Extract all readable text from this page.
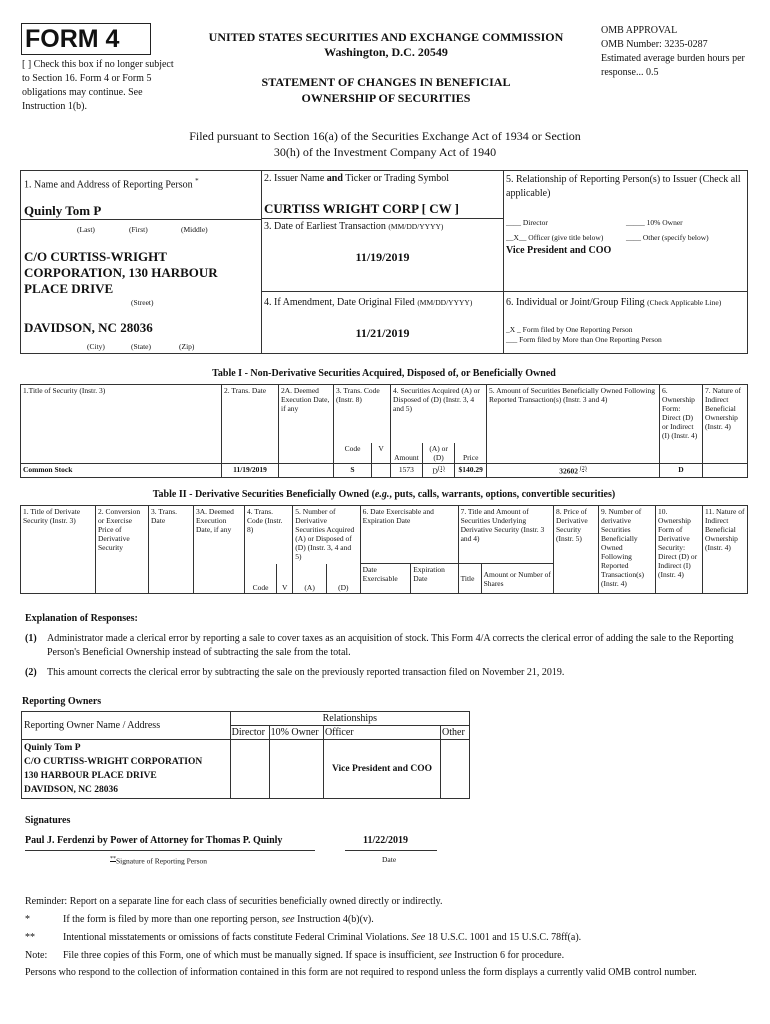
FORM 4
[ ] Check this box if no longer subject to Section 16. Form 4 or Form 5 obligations may continue. See Instruction 1(b).
UNITED STATES SECURITIES AND EXCHANGE COMMISSION
Washington, D.C. 20549
STATEMENT OF CHANGES IN BENEFICIAL OWNERSHIP OF SECURITIES
OMB APPROVAL
OMB Number: 3235-0287
Estimated average burden hours per response... 0.5
Filed pursuant to Section 16(a) of the Securities Exchange Act of 1934 or Section 30(h) of the Investment Company Act of 1940
1. Name and Address of Reporting Person *
Quinly Tom P
(Last)	(First)	(Middle)
C/O CURTISS-WRIGHT CORPORATION, 130 HARBOUR PLACE DRIVE
(Street)
DAVIDSON, NC 28036
(City)	(State)	(Zip)
2. Issuer Name and Ticker or Trading Symbol
CURTISS WRIGHT CORP [ CW ]
3. Date of Earliest Transaction (MM/DD/YYYY)
11/19/2019
4. If Amendment, Date Original Filed (MM/DD/YYYY)
11/21/2019
5. Relationship of Reporting Person(s) to Issuer (Check all applicable)
____ Director	_____ 10% Owner
__X__ Officer (give title below)	____ Other (specify below)
Vice President and COO
6. Individual or Joint/Group Filing (Check Applicable Line)
_X _ Form filed by One Reporting Person
___ Form filed by More than One Reporting Person
Table I - Non-Derivative Securities Acquired, Disposed of, or Beneficially Owned
1.Title of Security (Instr. 3)	2. Trans. Date	2A. Deemed Execution Date, if any	3. Trans. Code (Instr. 8)		4. Securities Acquired (A) or Disposed of (D) (Instr. 3, 4 and 5)			5. Amount of Securities Beneficially Owned Following Reported Transaction(s) (Instr. 3 and 4)	6. Ownership Form: Direct (D) or Indirect (I) (Instr. 4)	7. Nature of Indirect Beneficial Ownership (Instr. 4)
			Code	V	Amount	(A) or (D)	Price			
Common Stock	11/19/2019		S		1573	$D^{(1)}$	$140.29	32602 $^{(2)}$	D	
Table II - Derivative Securities Beneficially Owned (e.g., puts, calls, warrants, options, convertible securities)
1. Title of Derivate Security (Instr. 3)	2. Conversion or Exercise Price of Derivative Security	3. Trans. Date	3A. Deemed Execution Date, if any	4. Trans. Code (Instr. 8)		5. Number of Derivative Securities Acquired (A) or Disposed of (D) (Instr. 3, 4 and 5)		6. Date Exercisable and Expiration Date		7. Title and Amount of Securities Underlying Derivative Security (Instr. 3 and 4)		8. Price of Derivative Security (Instr. 5)	9. Number of derivative Securities Beneficially Owned Following Reported Transaction(s) (Instr. 4)	10. Ownership Form of Derivative Security: Direct (D) or Indirect (I) (Instr. 4)	11. Nature of Indirect Beneficial Ownership (Instr. 4)
				Code	V	(A)	(D)	Date Exercisable	Expiration Date	Title	Amount or Number of Shares				
Explanation of Responses:
(1) Administrator made a clerical error by reporting a sale to cover taxes as an acquisition of stock. This Form 4/A corrects the clerical error of adding the sale to the Reporting Person's Beneficial Ownership instead of subtracting the sale from the total.
(2) This amount corrects the clerical error by subtracting the sale on the previously reported transaction filed on November 21, 2019.
Reporting Owners
Reporting Owner Name / Address	Relationships			
	Director	10% Owner	Officer	Other

Quinly Tom P
C/O CURTISS-WRIGHT CORPORATION
130 HARBOUR PLACE DRIVE
DAVIDSON, NC 28036			Vice President and COO	
Signatures
Paul J. Ferdenzi by Power of Attorney for Thomas P. Quinly
**Signature of Reporting Person
11/22/2019
Date
Reminder: Report on a separate line for each class of securities beneficially owned directly or indirectly.
*	If the form is filed by more than one reporting person, see Instruction 4(b)(v).
**	Intentional misstatements or omissions of facts constitute Federal Criminal Violations. See 18 U.S.C. 1001 and 15 U.S.C. 78ff(a).
Note: File three copies of this Form, one of which must be manually signed. If space is insufficient, see Instruction 6 for procedure.
Persons who respond to the collection of information contained in this form are not required to respond unless the form displays a currently valid OMB control number.
